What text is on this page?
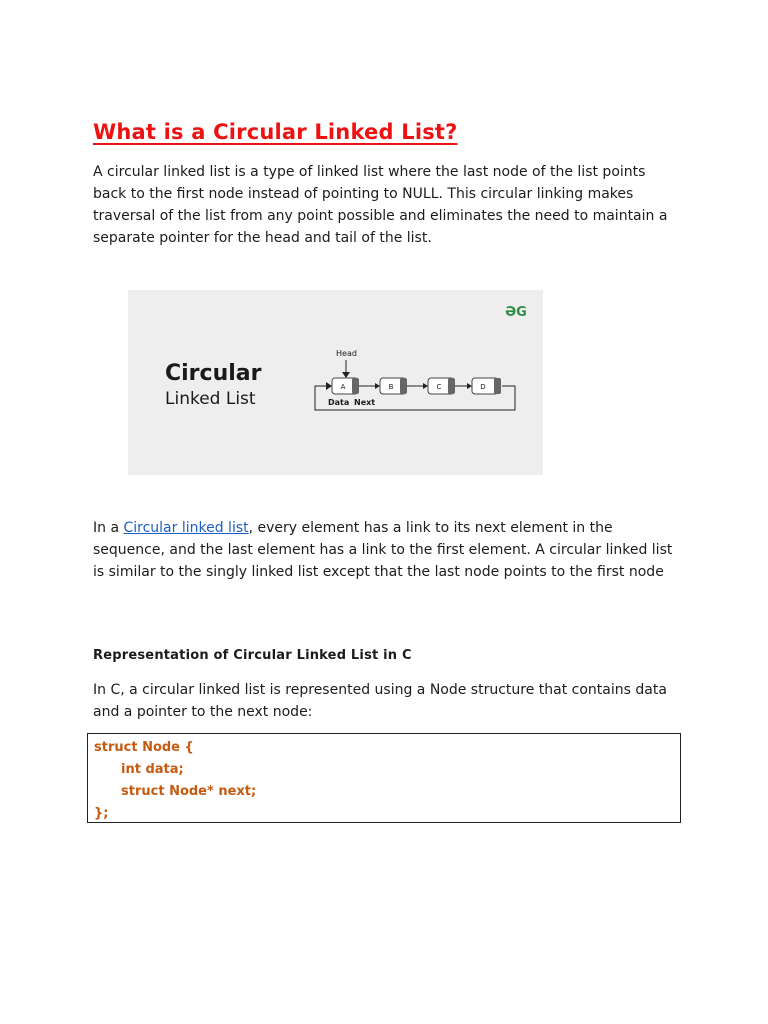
What is a Circular Linked List?

A circular linked list is a type of linked list where the last node of the list points back to the first node instead of pointing to NULL. This circular linking makes traversal of the list from any point possible and eliminates the need to maintain a separate pointer for the head and tail of the list.

ƏG
Circular
Linked List
Head
A	B	C	D
Data Next

In a Circular linked list, every element has a link to its next element in the sequence, and the last element has a link to the first element. A circular linked list is similar to the singly linked list except that the last node points to the first node

Representation of Circular Linked List in C

In C, a circular linked list is represented using a Node structure that contains data and a pointer to the next node:

struct Node {
int data;
struct Node* next;
};
